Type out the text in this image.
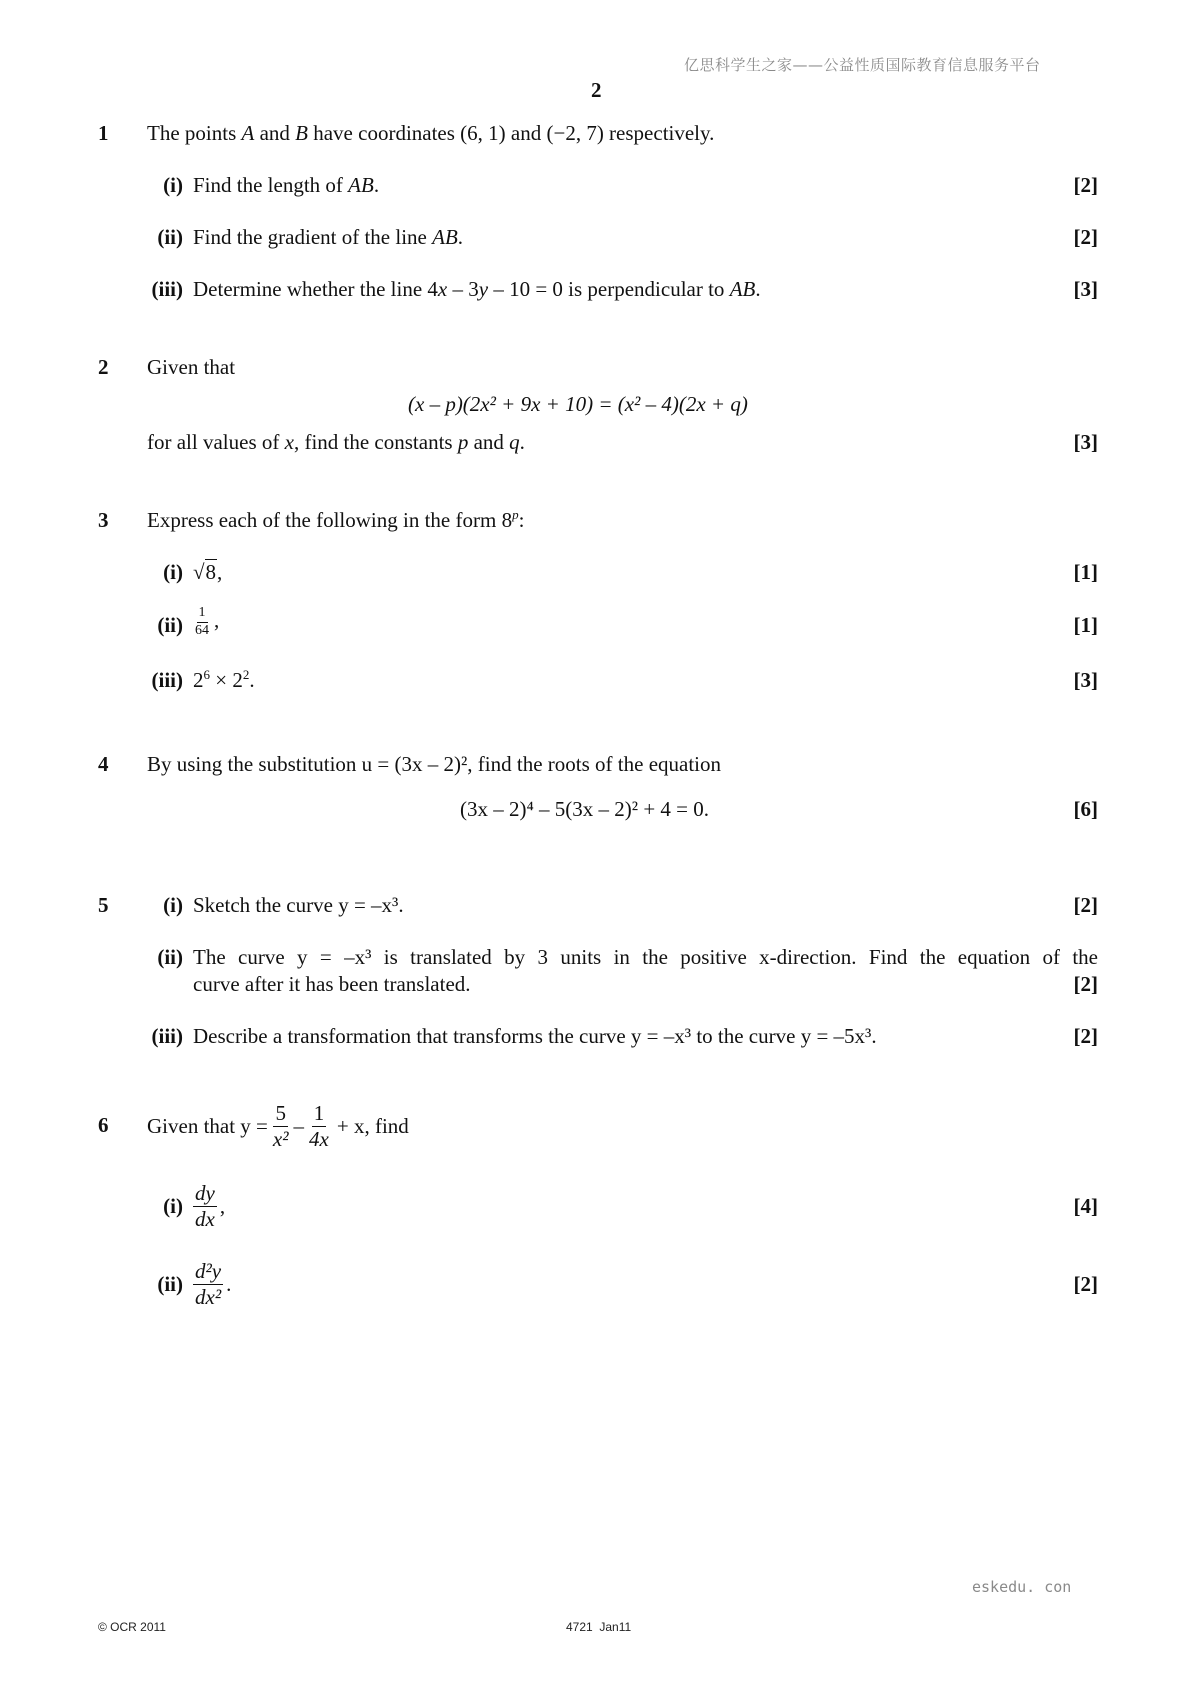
亿思科学生之家——公益性质国际教育信息服务平台
2
1 The points A and B have coordinates (6, 1) and (−2, 7) respectively.
(i) Find the length of AB.	[2]
(ii) Find the gradient of the line AB.	[2]
(iii) Determine whether the line 4x – 3y – 10 = 0 is perpendicular to AB.	[3]
2 Given that
(x – p)(2x² + 9x + 10) = (x² – 4)(2x + q)
for all values of x, find the constants p and q.	[3]
3 Express each of the following in the form 8$^p$:
(i) √8,	[1]
$(ii) \frac{1}{64}$ ,	[1]
(iii) $2^6 \times 2^2$.	[3]
4 By using the substitution u = (3x – 2)², find the roots of the equation
(3x – 2)⁴ – 5(3x – 2)² + 4 = 0.	[6]
5	(i) Sketch the curve y = –x³.	[2]
(ii) The curve y = –x³ is translated by 3 units in the positive x-direction. Find the equation of the
curve after it has been translated.	[2]
(iii) Describe a transformation that transforms the curve y = –x³ to the curve y = –5x³.	[2]
6 Given that $y = \frac{5}{\text{x²}} - \frac{1}{4x} + x$, find
$(i) \frac{dy}{dx}$ ,	[4]
$(ii) \frac{\text{d²y}}{\text{dx²}}$ .	[2]
eskedu. con
© OCR 2011	4721  Jan11
